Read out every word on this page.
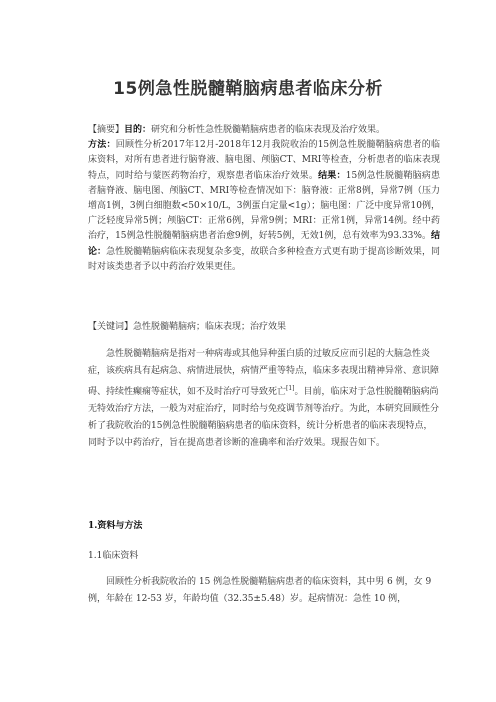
15例急性脱髓鞘脑病患者临床分析
【摘要】目的：研究和分析性急性脱髓鞘脑病患者的临床表现及治疗效果。
方法：回顾性分析2017年12月-2018年12月我院收治的15例急性脱髓鞘脑病患者的临床资料，对所有患者进行脑脊液、脑电图、颅脑CT、MRI等检查，分析患者的临床表现特点，同时给与蒙医药物治疗，观察患者临床治疗效果。结果：15例急性脱髓鞘脑病患者脑脊液、脑电图、颅脑CT、MRI等检查情况如下：脑脊液：正常8例，异常7例（压力增高1例，3例白细胞数<50×10/L，3例蛋白定量<1g）；脑电图：广泛中度异常10例，广泛轻度异常5例；颅脑CT：正常6例，异常9例；MRI：正常1例，异常14例。经中药治疗，15例急性脱髓鞘脑病患者治愈9例，好转5例，无效1例，总有效率为93.33%。结论：急性脱髓鞘脑病临床表现复杂多变，故联合多种检查方式更有助于提高诊断效果，同时对该类患者予以中药治疗效果更佳。
【关键词】急性脱髓鞘脑病；临床表现；治疗效果
急性脱髓鞘脑病是指对一种病毒或其他异种蛋白质的过敏反应而引起的大脑急性炎症，该疾病具有起病急、病情进展快，病情严重等特点，临床多表现出精神异常、意识障碍、持续性癫痫等症状，如不及时治疗可导致死亡[1]。目前，临床对于急性脱髓鞘脑病尚无特效治疗方法，一般为对症治疗，同时给与免疫调节剂等治疗。为此，本研究回顾性分析了我院收治的15例急性脱髓鞘脑病患者的临床资料，统计分析患者的临床表现特点，同时予以中药治疗，旨在提高患者诊断的准确率和治疗效果。现报告如下。
1.资料与方法
1.1临床资料
回顾性分析我院收治的 15 例急性脱髓鞘脑病患者的临床资料，其中男 6 例，女 9 例，年龄在 12-53 岁，年龄均值（32.35±5.48）岁。起病情况：急性 10 例，
